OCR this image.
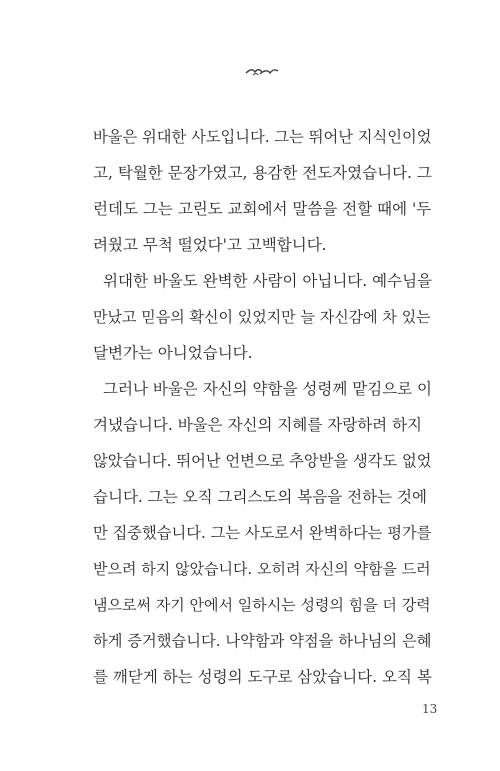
바울은 위대한 사도입니다. 그는 뛰어난 지식인이었
고, 탁월한 문장가였고, 용감한 전도자였습니다. 그
런데도 그는 고린도 교회에서 말씀을 전할 때에 '두
려웠고 무척 떨었다'고 고백합니다.
위대한 바울도 완벽한 사람이 아닙니다. 예수님을
만났고 믿음의 확신이 있었지만 늘 자신감에 차 있는
달변가는 아니었습니다.
그러나 바울은 자신의 약함을 성령께 맡김으로 이
겨냈습니다. 바울은 자신의 지혜를 자랑하려 하지
않았습니다. 뛰어난 언변으로 추앙받을 생각도 없었
습니다. 그는 오직 그리스도의 복음을 전하는 것에
만 집중했습니다. 그는 사도로서 완벽하다는 평가를
받으려 하지 않았습니다. 오히려 자신의 약함을 드러
냄으로써 자기 안에서 일하시는 성령의 힘을 더 강력
하게 증거했습니다. 나약함과 약점을 하나님의 은혜
를 깨닫게 하는 성령의 도구로 삼았습니다. 오직 복
13
